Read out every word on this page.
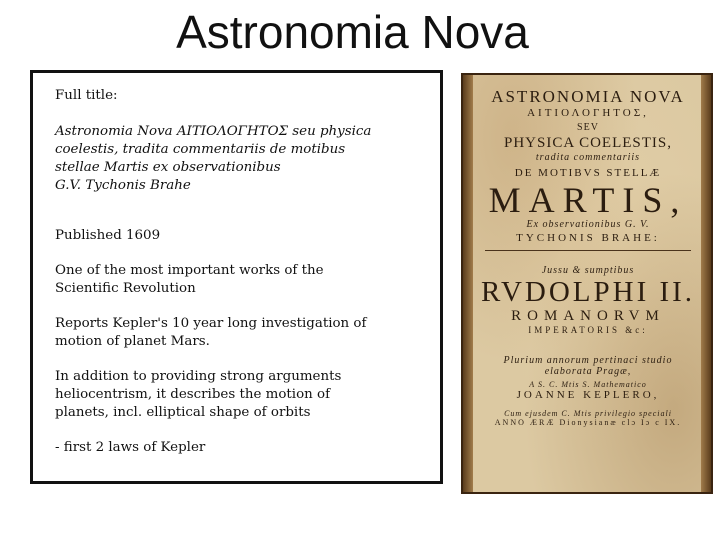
Astronomia Nova

Full title:

Astronomia Nova ΑΙΤΙΟΛΟΓΗΤΟΣ seu physica
coelestis, tradita commentariis de motibus
stellae Martis ex observationibus
G.V. Tychonis Brahe

Published 1609

One of the most important works of the
Scientific Revolution

Reports Kepler's 10 year long investigation of
motion of planet Mars.

In addition to providing strong arguments
heliocentrism, it describes the motion of
planets, incl. elliptical shape of orbits

- first 2 laws of Kepler

ASTRONOMIA NOVA
ΑΙΤΙΟΛΟΓΗΤΟΣ,
SEV
PHYSICA COELESTIS,
tradita commentariis
DE MOTIBVS STELLÆ
MARTIS,
Ex observationibus G. V.
TYCHONIS BRAHE:
Jussu & sumptibus
RVDOLPHI II.
ROMANORVM
IMPERATORIS &c:
Plurium annorum pertinaci studio
elaborata Pragæ,
A S. C. Mtis S. Mathematico
JOANNE KEPLERO,
Cum ejusdem C. Mtis privilegio speciali
ANNO ÆRÆ Dionysianæ clɔ Iɔ c IX.
